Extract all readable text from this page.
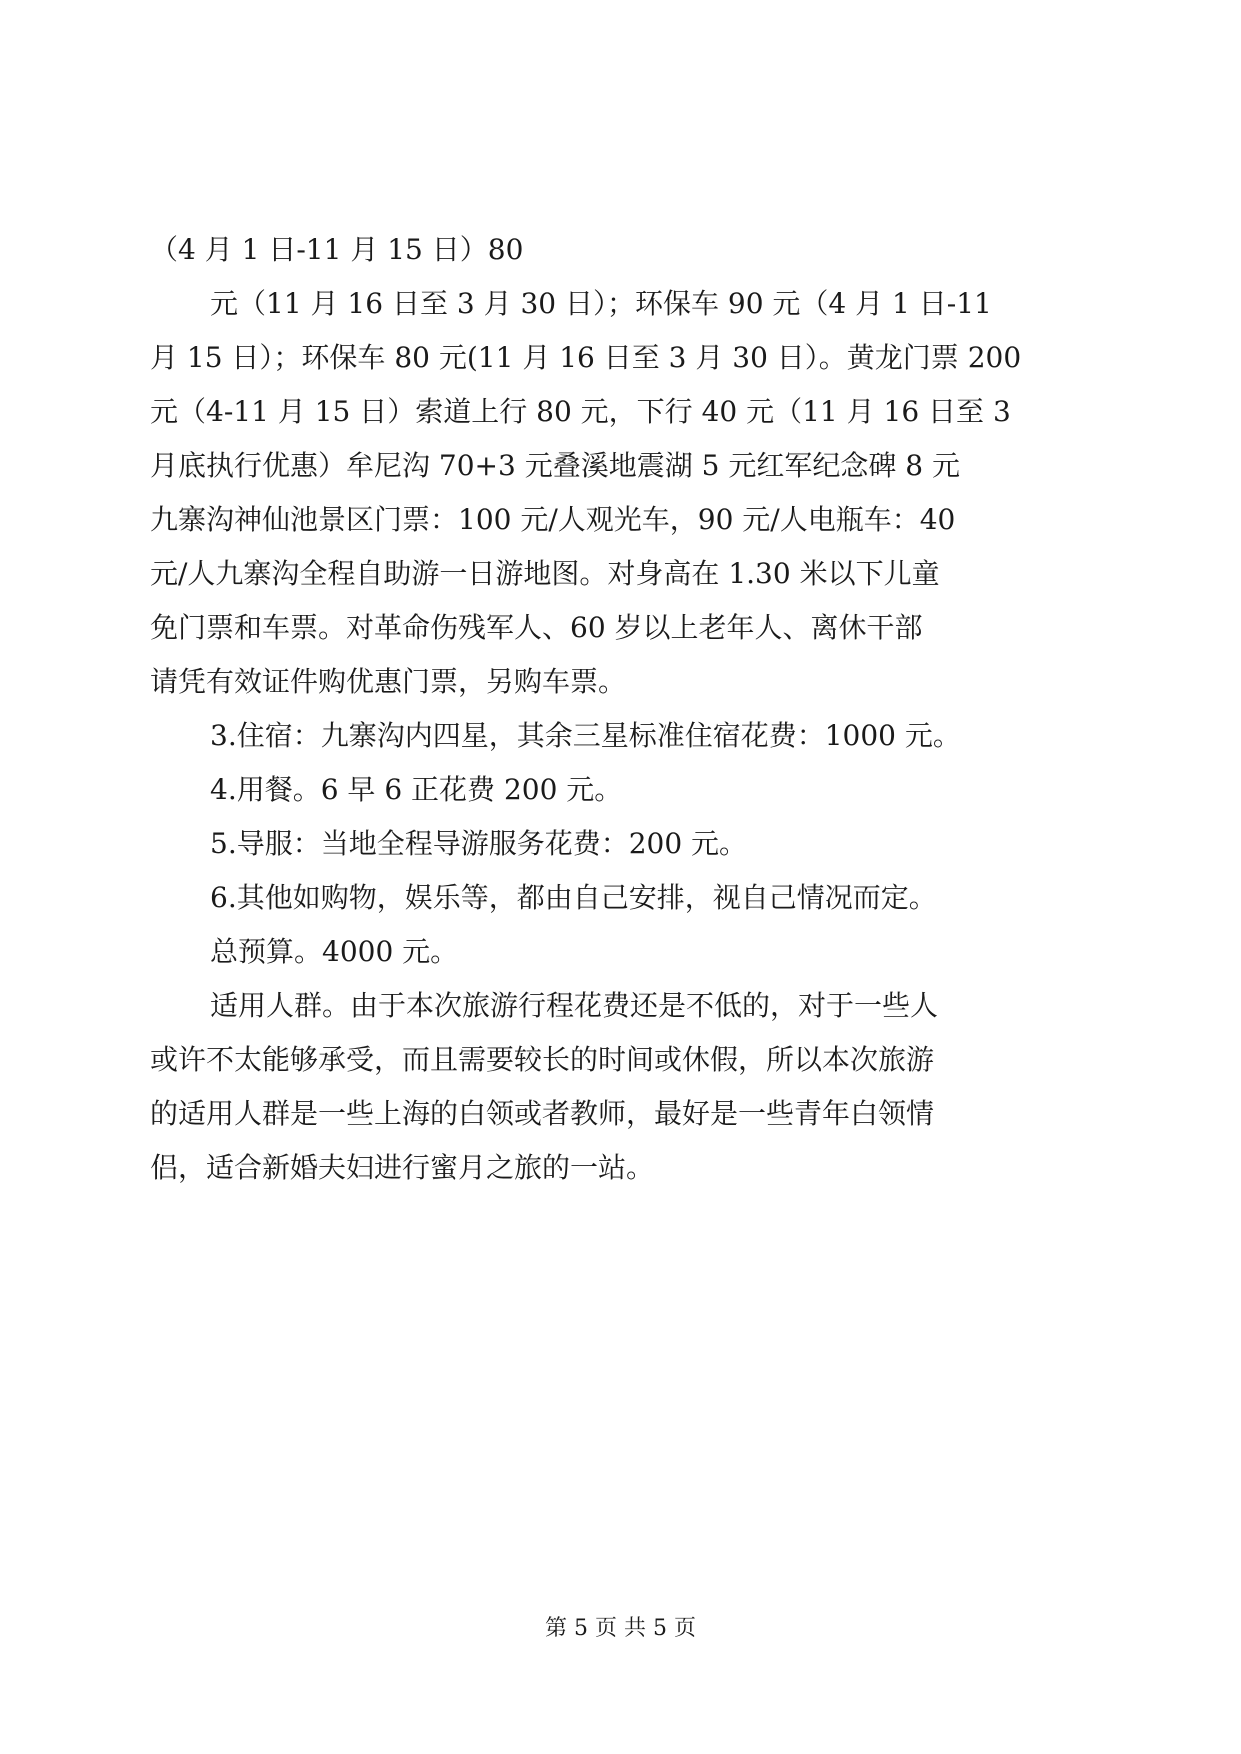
（4 月 1 日-11 月 15 日）80
元（11 月 16 日至 3 月 30 日）；环保车 90 元（4 月 1 日-11
月 15 日）；环保车 80 元(11 月 16 日至 3 月 30 日）。黄龙门票 200
元（4-11 月 15 日）索道上行 80 元，下行 40 元（11 月 16 日至 3
月底执行优惠）牟尼沟 70+3 元叠溪地震湖 5 元红军纪念碑 8 元
九寨沟神仙池景区门票：100 元/人观光车，90 元/人电瓶车：40
元/人九寨沟全程自助游一日游地图。对身高在 1.30 米以下儿童
免门票和车票。对革命伤残军人、60 岁以上老年人、离休干部
请凭有效证件购优惠门票，另购车票。
3.住宿：九寨沟内四星，其余三星标准住宿花费：1000 元。
4.用餐。6 早 6 正花费 200 元。
5.导服：当地全程导游服务花费：200 元。
6.其他如购物，娱乐等，都由自己安排，视自己情况而定。
总预算。4000 元。
适用人群。由于本次旅游行程花费还是不低的，对于一些人
或许不太能够承受，而且需要较长的时间或休假，所以本次旅游
的适用人群是一些上海的白领或者教师，最好是一些青年白领情
侣，适合新婚夫妇进行蜜月之旅的一站。
第 5 页 共 5 页
